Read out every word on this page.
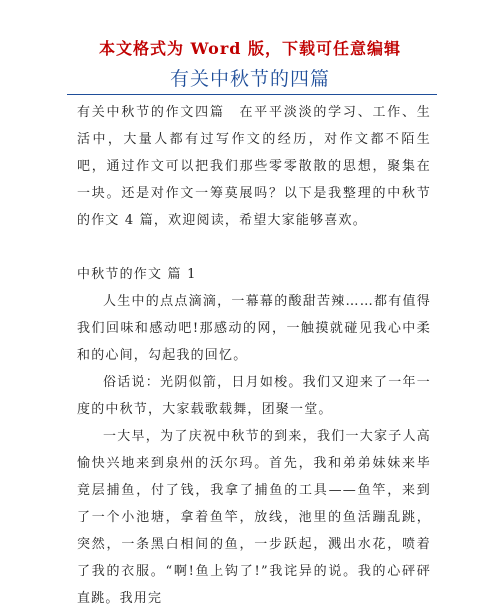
本文格式为 Word 版，下载可任意编辑
有关中秋节的四篇

有关中秋节的作文四篇　在平平淡淡的学习、工作、生活中，大量人都有过写作文的经历，对作文都不陌生吧，通过作文可以把我们那些零零散散的思想，聚集在一块。还是对作文一筹莫展吗？以下是我整理的中秋节的作文 4 篇，欢迎阅读，希望大家能够喜欢。

中秋节的作文 篇 1

人生中的点点滴滴，一幕幕的酸甜苦辣……都有值得我们回味和感动吧!那感动的网，一触摸就碰见我心中柔和的心间，勾起我的回忆。

俗话说：光阴似箭，日月如梭。我们又迎来了一年一度的中秋节，大家载歌载舞，团聚一堂。

一大早，为了庆祝中秋节的到来，我们一大家子人高愉快兴地来到泉州的沃尔玛。首先，我和弟弟妹妹来毕竟层捕鱼，付了钱，我拿了捕鱼的工具——鱼竿，来到了一个小池塘，拿着鱼竿，放线，池里的鱼活蹦乱跳，突然，一条黑白相间的鱼，一步跃起，溅出水花，喷着了我的衣服。“啊!鱼上钩了!”我诧异的说。我的心砰砰直跳。我用完
